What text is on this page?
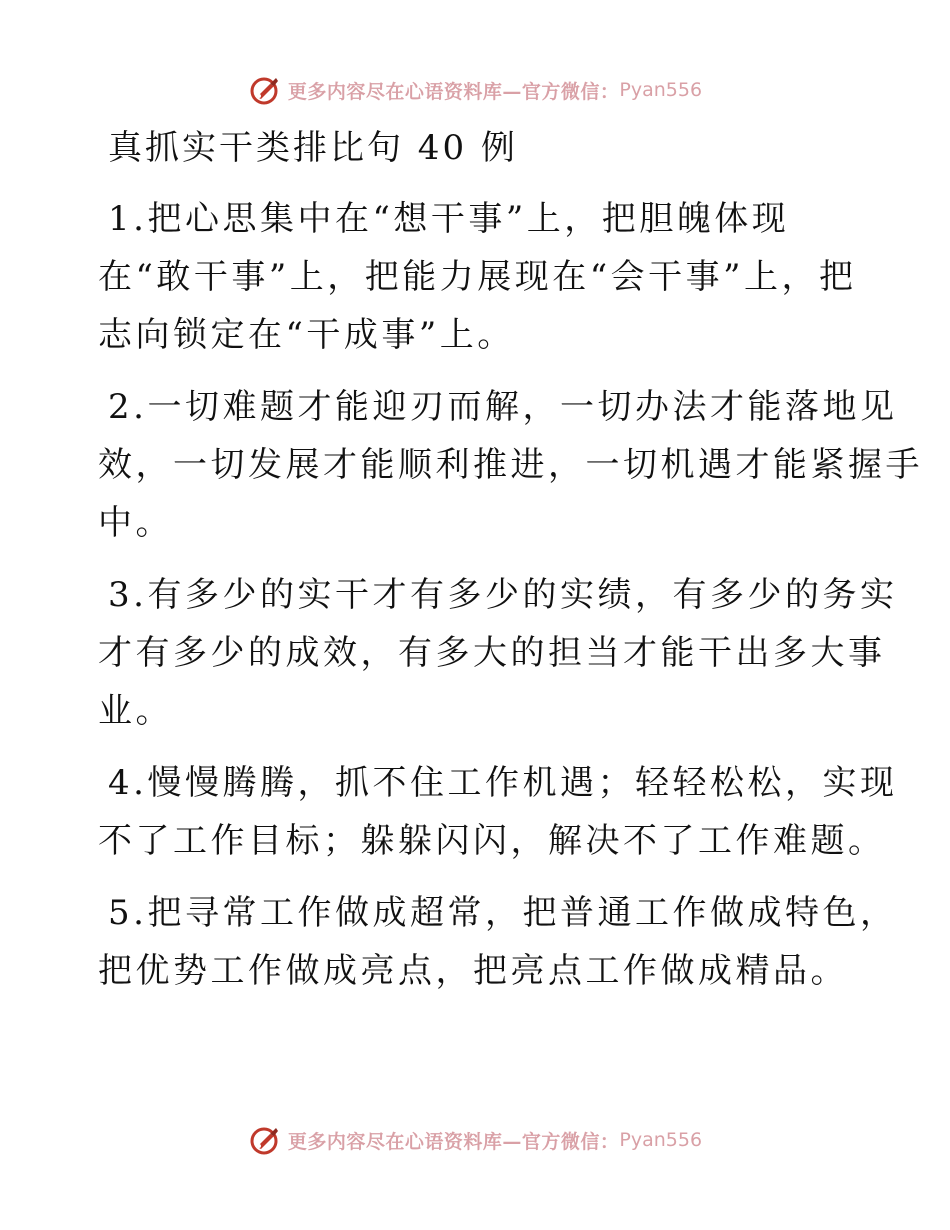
更多内容尽在心语资料库—官方微信： Pyan556
真抓实干类排比句 40 例

1.把心思集中在“想干事”上，把胆魄体现
在“敢干事”上，把能力展现在“会干事”上，把
志向锁定在“干成事”上。

2.一切难题才能迎刃而解，一切办法才能落地见
效，一切发展才能顺利推进，一切机遇才能紧握手
中。

3.有多少的实干才有多少的实绩，有多少的务实
才有多少的成效，有多大的担当才能干出多大事
业。

4.慢慢腾腾，抓不住工作机遇；轻轻松松，实现
不了工作目标；躲躲闪闪，解决不了工作难题。

5.把寻常工作做成超常，把普通工作做成特色，
把优势工作做成亮点，把亮点工作做成精品。

更多内容尽在心语资料库—官方微信： Pyan556
